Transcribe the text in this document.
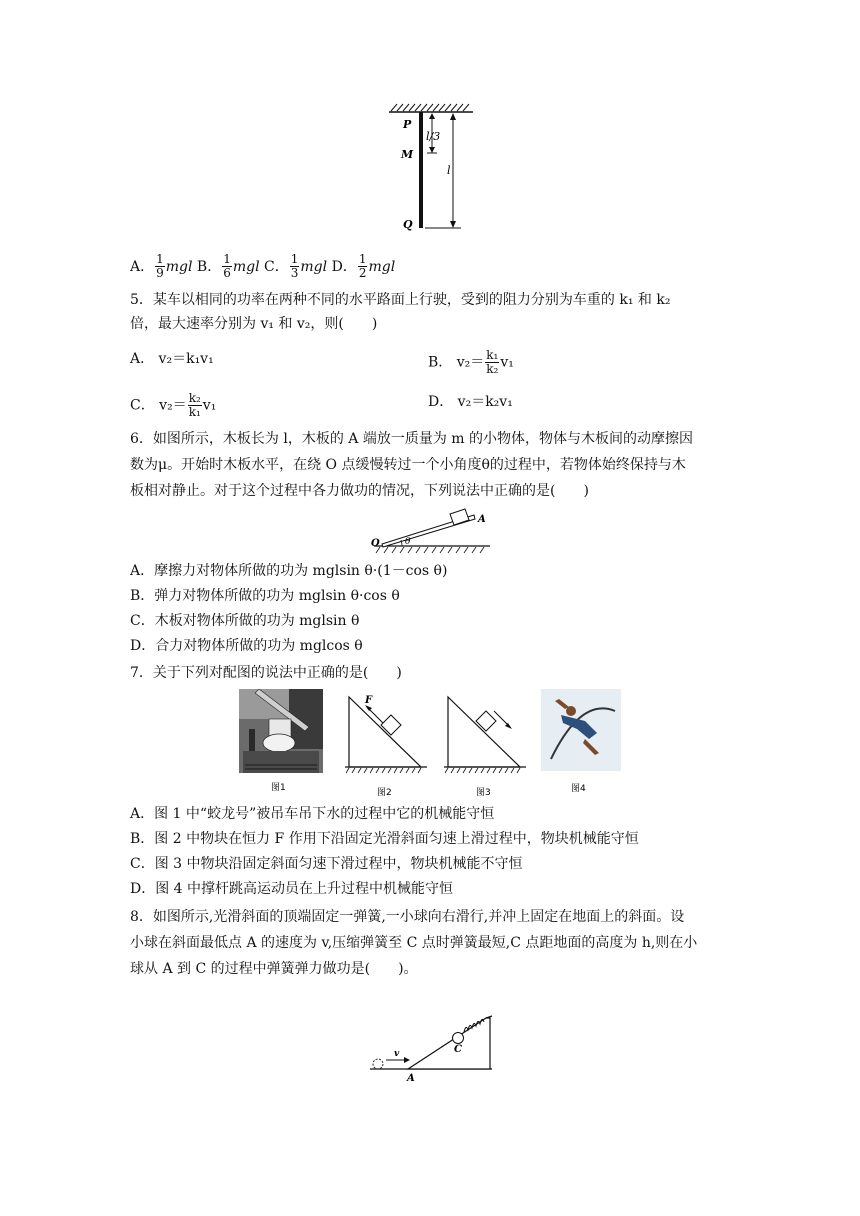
P
M
Q
l/3
l
A． $\frac{1}{9}$ mgl B． $\frac{1}{6}$ mgl C． $\frac{1}{3}$ mgl D． $\frac{1}{2}$ mgl
5．某车以相同的功率在两种不同的水平路面上行驶，受到的阻力分别为车重的 k₁ 和 k₂
倍，最大速率分别为 v₁ 和 v₂，则(　　)
A． v₂＝k₁v₁	B． $v_2= \frac{\text{k₁}}{\text{k₂}} v_1$
C． $v_2= \frac{\text{k₂}}{\text{k₁}} v_1$	D． v₂＝k₂v₁
6．如图所示，木板长为 l，木板的 A 端放一质量为 m 的小物体，物体与木板间的动摩擦因
数为μ。开始时木板水平，在绕 O 点缓慢转过一个小角度θ的过程中，若物体始终保持与木
板相对静止。对于这个过程中各力做功的情况，下列说法中正确的是(　　)
O
A
θ
A．摩擦力对物体所做的功为 mglsin θ·(1－cos θ)
B．弹力对物体所做的功为 mglsin θ·cos θ
C．木板对物体所做的功为 mglsin θ
D．合力对物体所做的功为 mglcos θ
7．关于下列对配图的说法中正确的是(　　)
图1
F
图2	图3	图4
A．图 1 中“蛟龙号”被吊车吊下水的过程中它的机械能守恒
B．图 2 中物块在恒力 F 作用下沿固定光滑斜面匀速上滑过程中，物块机械能守恒
C．图 3 中物块沿固定斜面匀速下滑过程中，物块机械能不守恒
D．图 4 中撑杆跳高运动员在上升过程中机械能守恒
8．如图所示,光滑斜面的顶端固定一弹簧,一小球向右滑行,并冲上固定在地面上的斜面。设
小球在斜面最低点 A 的速度为 v,压缩弹簧至 C 点时弹簧最短,C 点距地面的高度为 h,则在小
球从 A 到 C 的过程中弹簧弹力做功是(　　)。
v	C
A
